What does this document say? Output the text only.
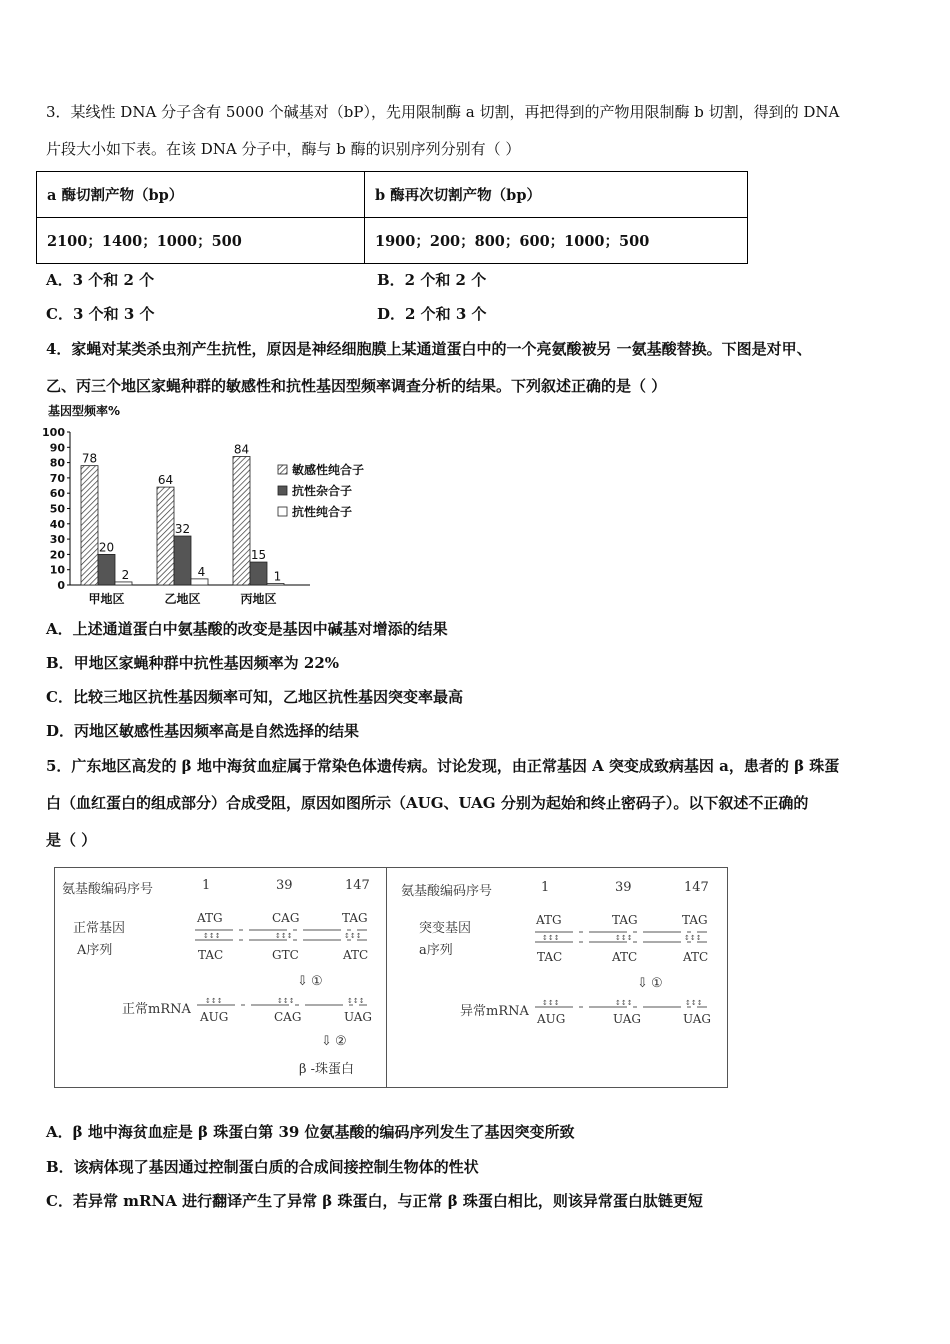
3．某线性 DNA 分子含有 5000 个碱基对（bP），先用限制酶 a 切割，再把得到的产物用限制酶 b 切割，得到的 DNA
片段大小如下表。在该 DNA 分子中，酶与 b 酶的识别序列分别有（ ）
a 酶切割产物（bp）	b 酶再次切割产物（bp）
2100；1400；1000；500	1900；200；800；600；1000；500
A．3 个和 2 个	B．2 个和 2 个
C．3 个和 3 个	D．2 个和 3 个
4．家蝇对某类杀虫剂产生抗性，原因是神经细胞膜上某通道蛋白中的一个亮氨酸被另 一氨基酸替换。下图是对甲、
乙、丙三个地区家蝇种群的敏感性和抗性基因型频率调查分析的结果。下列叙述正确的是（ ）
基因型频率%
100
90
80
70
60
50
40
30
20
10
0
78
20
2
甲地区
64
32
4
乙地区
84
15
1
丙地区
敏感性纯合子
抗性杂合子
抗性纯合子
A．上述通道蛋白中氨基酸的改变是基因中碱基对增添的结果
B．甲地区家蝇种群中抗性基因频率为 22%
C．比较三地区抗性基因频率可知，乙地区抗性基因突变率最高
D．丙地区敏感性基因频率高是自然选择的结果
5．广东地区高发的 β 地中海贫血症属于常染色体遗传病。讨论发现，由正常基因 A 突变成致病基因 a，患者的 β 珠蛋
白（血红蛋白的组成部分）合成受阻，原因如图所示（AUG、UAG 分别为起始和终止密码子）。以下叙述不正确的
是（ ）
氨基酸编码序号	1	39	147
正常基因
A序列
ATG	CAG	TAG
TAC	GTC	ATC
⇩ ①
正常mRNA AUG	CAG	UAG
⇩ ②
β -珠蛋白
氨基酸编码序号	1	39	147
突变基因
a序列
ATG	TAG	TAG
TAC	ATC	ATC
⇩ ①
异常mRNA AUG	UAG	UAG
↕↕↕	↕↕↕	↕↕↕
↕↕↕	↕↕↕	↕↕↕
↕↕↕	↕↕↕	↕↕↕
↕↕↕	↕↕↕	↕↕↕
A．β 地中海贫血症是 β 珠蛋白第 39 位氨基酸的编码序列发生了基因突变所致
B．该病体现了基因通过控制蛋白质的合成间接控制生物体的性状
C．若异常 mRNA 进行翻译产生了异常 β 珠蛋白，与正常 β 珠蛋白相比，则该异常蛋白肽链更短
